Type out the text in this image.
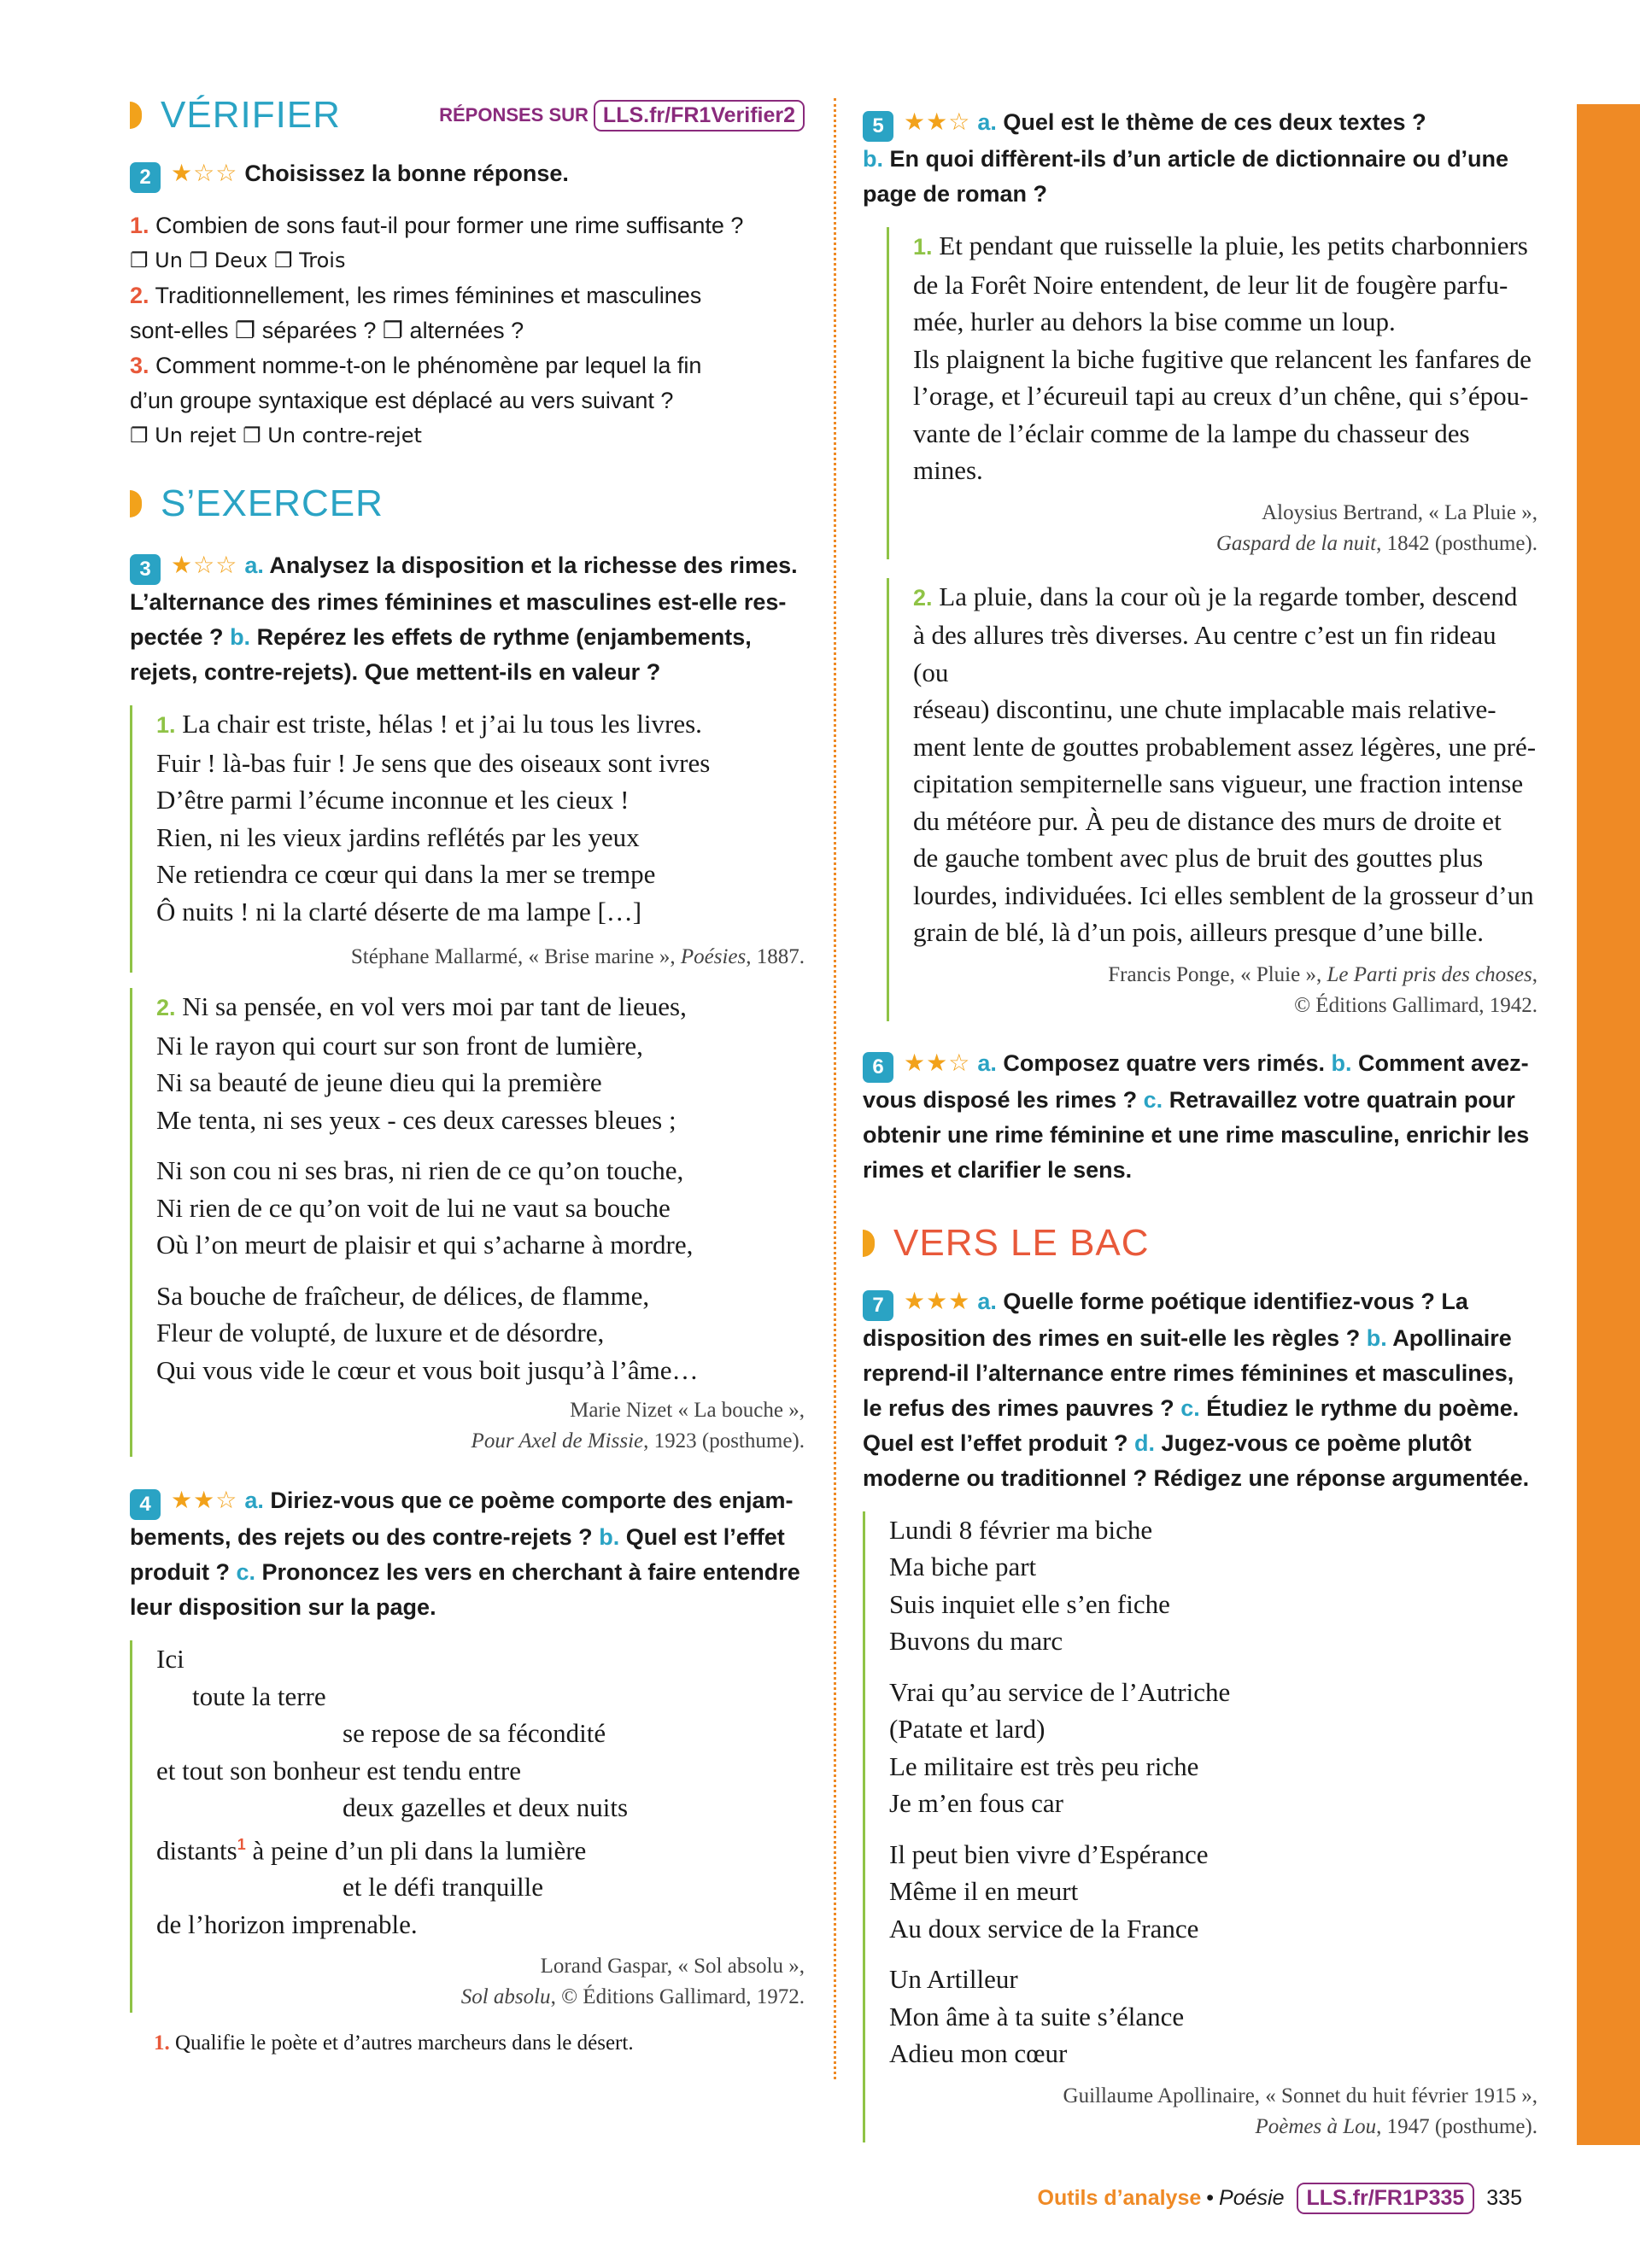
VÉRIFIER	RÉPONSES SUR LLS.fr/FR1Verifier2
2 ★☆☆ Choisissez la bonne réponse.
1. Combien de sons faut-il pour former une rime suffisante ?
❐ Un ❐ Deux ❐ Trois
2. Traditionnellement, les rimes féminines et masculines
sont-elles ❐ séparées ? ❐ alternées ?
3. Comment nomme-t-on le phénomène par lequel la fin
d’un groupe syntaxique est déplacé au vers suivant ?
❐ Un rejet ❐ Un contre-rejet
S’EXERCER
3 ★☆☆ a. Analysez la disposition et la richesse des rimes.
L’alternance des rimes féminines et masculines est-elle res-
pectée ? b. Repérez les effets de rythme (enjambements,
rejets, contre-rejets). Que mettent-ils en valeur ?
1. La chair est triste, hélas ! et j’ai lu tous les livres.
Fuir ! là-bas fuir ! Je sens que des oiseaux sont ivres
D’être parmi l’écume inconnue et les cieux !
Rien, ni les vieux jardins reflétés par les yeux
Ne retiendra ce cœur qui dans la mer se trempe
Ô nuits ! ni la clarté déserte de ma lampe […]
Stéphane Mallarmé, « Brise marine », Poésies, 1887.
2. Ni sa pensée, en vol vers moi par tant de lieues,
Ni le rayon qui court sur son front de lumière,
Ni sa beauté de jeune dieu qui la première
Me tenta, ni ses yeux - ces deux caresses bleues ;
Ni son cou ni ses bras, ni rien de ce qu’on touche,
Ni rien de ce qu’on voit de lui ne vaut sa bouche
Où l’on meurt de plaisir et qui s’acharne à mordre,
Sa bouche de fraîcheur, de délices, de flamme,
Fleur de volupté, de luxure et de désordre,
Qui vous vide le cœur et vous boit jusqu’à l’âme…
Marie Nizet « La bouche »,
Pour Axel de Missie, 1923 (posthume).
4 ★★☆ a. Diriez-vous que ce poème comporte des enjam-
bements, des rejets ou des contre-rejets ? b. Quel est l’effet
produit ? c. Prononcez les vers en cherchant à faire entendre
leur disposition sur la page.
Ici
toute la terre
se repose de sa fécondité
et tout son bonheur est tendu entre
deux gazelles et deux nuits
distants$^1$ à peine d’un pli dans la lumière
et le défi tranquille
de l’horizon imprenable.
Lorand Gaspar, « Sol absolu »,
Sol absolu, © Éditions Gallimard, 1972.
1. Qualifie le poète et d’autres marcheurs dans le désert.
5 ★★☆ a. Quel est le thème de ces deux textes ?
b. En quoi diffèrent-ils d’un article de dictionnaire ou d’une
page de roman ?
1. Et pendant que ruisselle la pluie, les petits charbonniers
de la Forêt Noire entendent, de leur lit de fougère parfu-
mée, hurler au dehors la bise comme un loup.
Ils plaignent la biche fugitive que relancent les fanfares de
l’orage, et l’écureuil tapi au creux d’un chêne, qui s’épou-
vante de l’éclair comme de la lampe du chasseur des mines.
Aloysius Bertrand, « La Pluie »,
Gaspard de la nuit, 1842 (posthume).
2. La pluie, dans la cour où je la regarde tomber, descend
à des allures très diverses. Au centre c’est un fin rideau (ou
réseau) discontinu, une chute implacable mais relative-
ment lente de gouttes probablement assez légères, une pré-
cipitation sempiternelle sans vigueur, une fraction intense
du météore pur. À peu de distance des murs de droite et
de gauche tombent avec plus de bruit des gouttes plus
lourdes, individuées. Ici elles semblent de la grosseur d’un
grain de blé, là d’un pois, ailleurs presque d’une bille.
Francis Ponge, « Pluie », Le Parti pris des choses,
© Éditions Gallimard, 1942.
6 ★★☆ a. Composez quatre vers rimés. b. Comment avez-
vous disposé les rimes ? c. Retravaillez votre quatrain pour
obtenir une rime féminine et une rime masculine, enrichir les
rimes et clarifier le sens.
VERS LE BAC
7 ★★★ a. Quelle forme poétique identifiez-vous ? La
disposition des rimes en suit-elle les règles ? b. Apollinaire
reprend-il l’alternance entre rimes féminines et masculines,
le refus des rimes pauvres ? c. Étudiez le rythme du poème.
Quel est l’effet produit ? d. Jugez-vous ce poème plutôt
moderne ou traditionnel ? Rédigez une réponse argumentée.
Lundi 8 février ma biche
Ma biche part
Suis inquiet elle s’en fiche
Buvons du marc
Vrai qu’au service de l’Autriche
(Patate et lard)
Le militaire est très peu riche
Je m’en fous car
Il peut bien vivre d’Espérance
Même il en meurt
Au doux service de la France
Un Artilleur
Mon âme à ta suite s’élance
Adieu mon cœur
Guillaume Apollinaire, « Sonnet du huit février 1915 »,
Poèmes à Lou, 1947 (posthume).
Outils d’analyse • Poésie	LLS.fr/FR1P335	335
